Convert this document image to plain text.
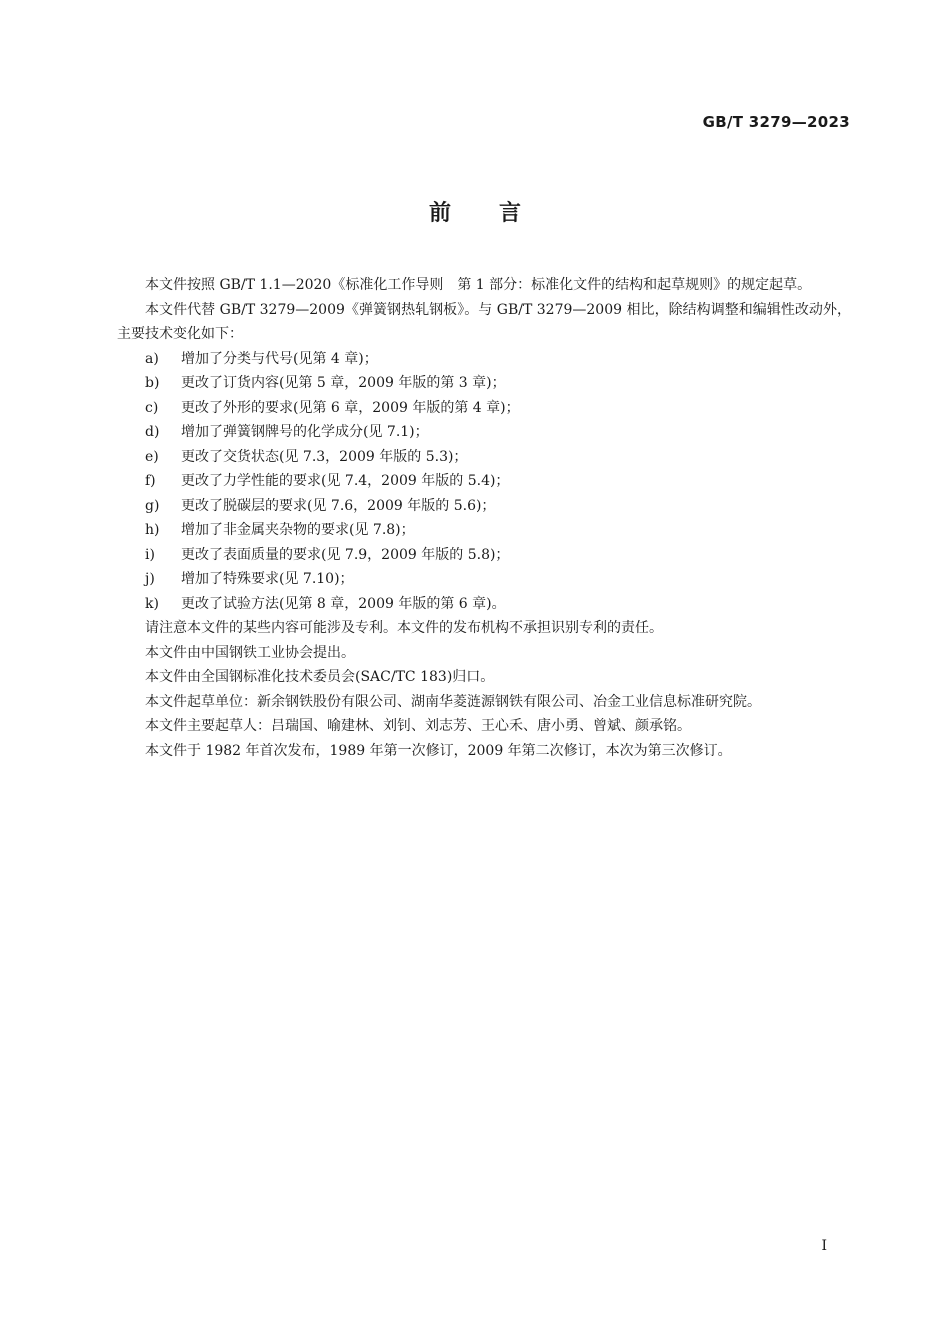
GB/T 3279—2023
前 言

本文件按照 GB/T 1.1—2020《标准化工作导则　第 1 部分：标准化文件的结构和起草规则》的规定起草。

本文件代替 GB/T 3279—2009《弹簧钢热轧钢板》。与 GB/T 3279—2009 相比，除结构调整和编辑性改动外，主要技术变化如下：

a)	增加了分类与代号(见第 4 章)；
b)	更改了订货内容(见第 5 章，2009 年版的第 3 章)；
c)	更改了外形的要求(见第 6 章，2009 年版的第 4 章)；
d)	增加了弹簧钢牌号的化学成分(见 7.1)；
e)	更改了交货状态(见 7.3，2009 年版的 5.3)；
f)	更改了力学性能的要求(见 7.4，2009 年版的 5.4)；
g)	更改了脱碳层的要求(见 7.6，2009 年版的 5.6)；
h)	增加了非金属夹杂物的要求(见 7.8)；
i)	更改了表面质量的要求(见 7.9，2009 年版的 5.8)；
j)	增加了特殊要求(见 7.10)；
k)	更改了试验方法(见第 8 章，2009 年版的第 6 章)。

请注意本文件的某些内容可能涉及专利。本文件的发布机构不承担识别专利的责任。

本文件由中国钢铁工业协会提出。

本文件由全国钢标准化技术委员会(SAC/TC 183)归口。

本文件起草单位：新余钢铁股份有限公司、湖南华菱涟源钢铁有限公司、冶金工业信息标准研究院。

本文件主要起草人：吕瑞国、喻建林、刘钊、刘志芳、王心禾、唐小勇、曾斌、颜承铭。

本文件于 1982 年首次发布，1989 年第一次修订，2009 年第二次修订，本次为第三次修订。

I
